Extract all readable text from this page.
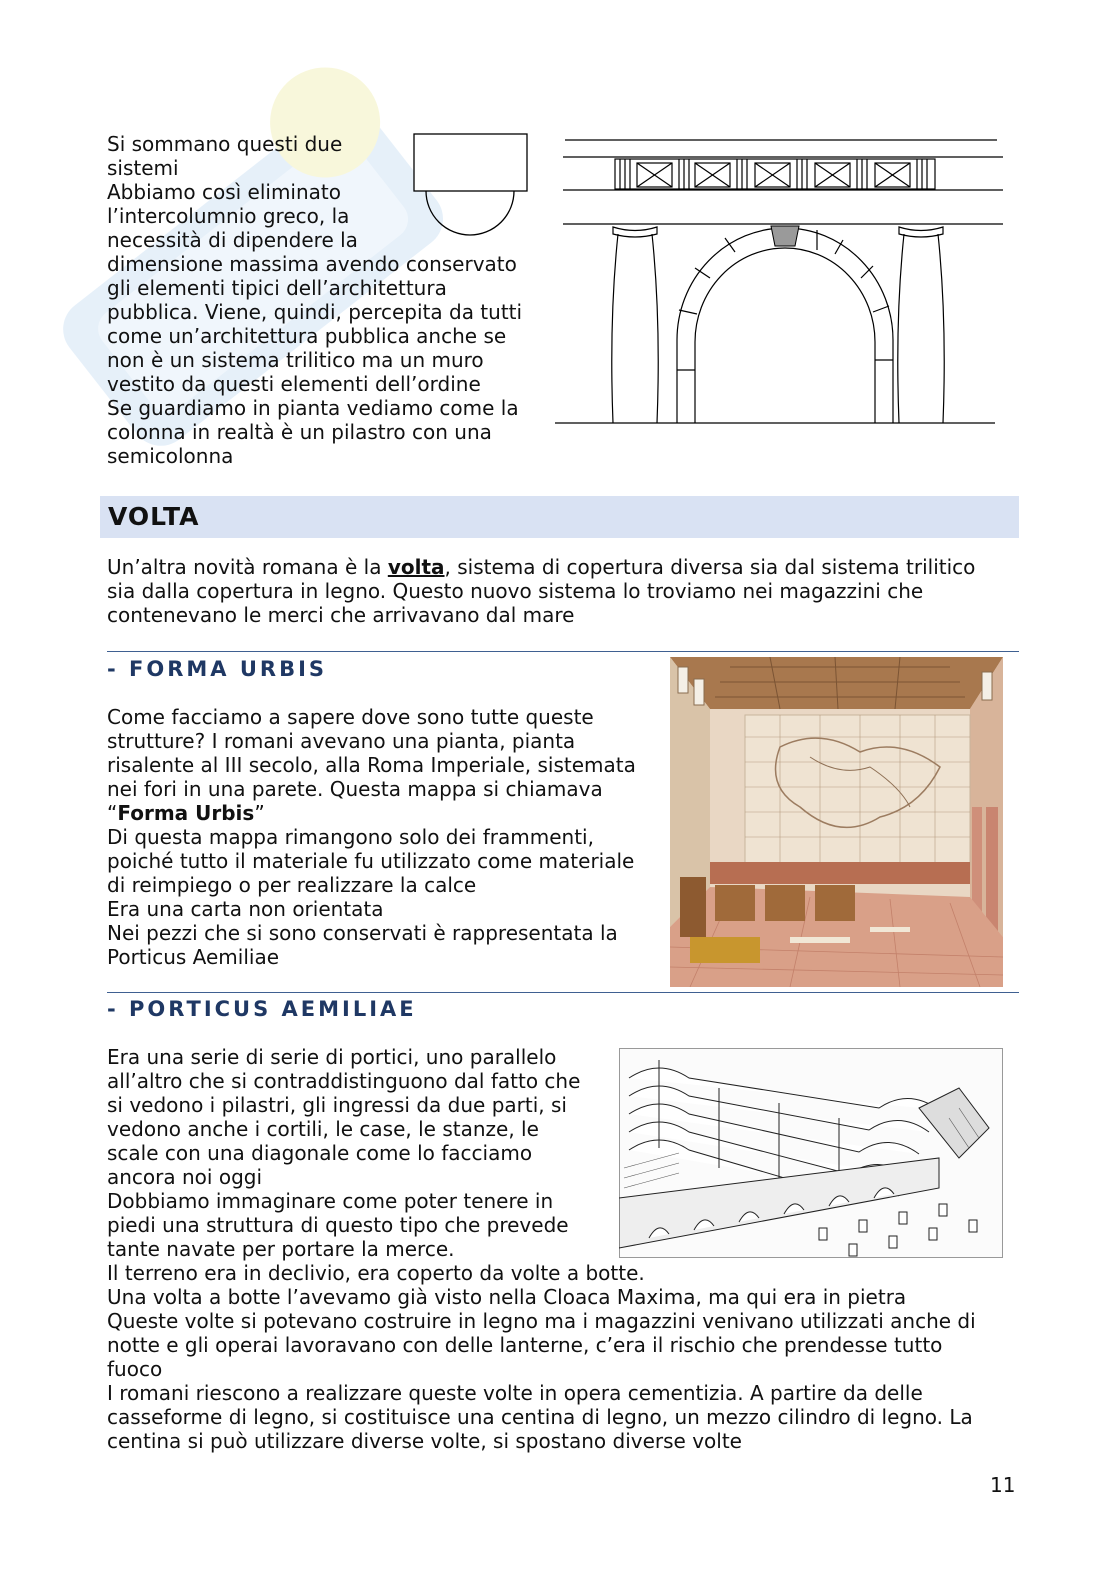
Si sommano questi due
sistemi
Abbiamo così eliminato
l’intercolumnio greco, la
necessità di dipendere la
dimensione massima avendo conservato
gli elementi tipici dell’architettura
pubblica. Viene, quindi, percepita da tutti
come un’architettura pubblica anche se
non è un sistema trilitico ma un muro
vestito da questi elementi dell’ordine
Se guardiamo in pianta vediamo come la
colonna in realtà è un pilastro con una
semicolonna

VOLTA

Un’altra novità romana è la volta, sistema di copertura diversa sia dal sistema trilitico
sia dalla copertura in legno. Questo nuovo sistema lo troviamo nei magazzini che
contenevano le merci che arrivavano dal mare

- FORMA URBIS

Come facciamo a sapere dove sono tutte queste
strutture? I romani avevano una pianta, pianta
risalente al III secolo, alla Roma Imperiale, sistemata
nei fori in una parete. Questa mappa si chiamava
“Forma Urbis”
Di questa mappa rimangono solo dei frammenti,
poiché tutto il materiale fu utilizzato come materiale
di reimpiego o per realizzare la calce
Era una carta non orientata
Nei pezzi che si sono conservati è rappresentata la
Porticus Aemiliae

- PORTICUS AEMILIAE

Era una serie di serie di portici, uno parallelo
all’altro che si contraddistinguono dal fatto che
si vedono i pilastri, gli ingressi da due parti, si
vedono anche i cortili, le case, le stanze, le
scale con una diagonale come lo facciamo
ancora noi oggi
Dobbiamo immaginare come poter tenere in
piedi una struttura di questo tipo che prevede
tante navate per portare la merce.

Il terreno era in declivio, era coperto da volte a botte.
Una volta a botte l’avevamo già visto nella Cloaca Maxima, ma qui era in pietra
Queste volte si potevano costruire in legno ma i magazzini venivano utilizzati anche di
notte e gli operai lavoravano con delle lanterne, c’era il rischio che prendesse tutto
fuoco
I romani riescono a realizzare queste volte in opera cementizia. A partire da delle
casseforme di legno, si costituisce una centina di legno, un mezzo cilindro di legno. La
centina si può utilizzare diverse volte, si spostano diverse volte

11
